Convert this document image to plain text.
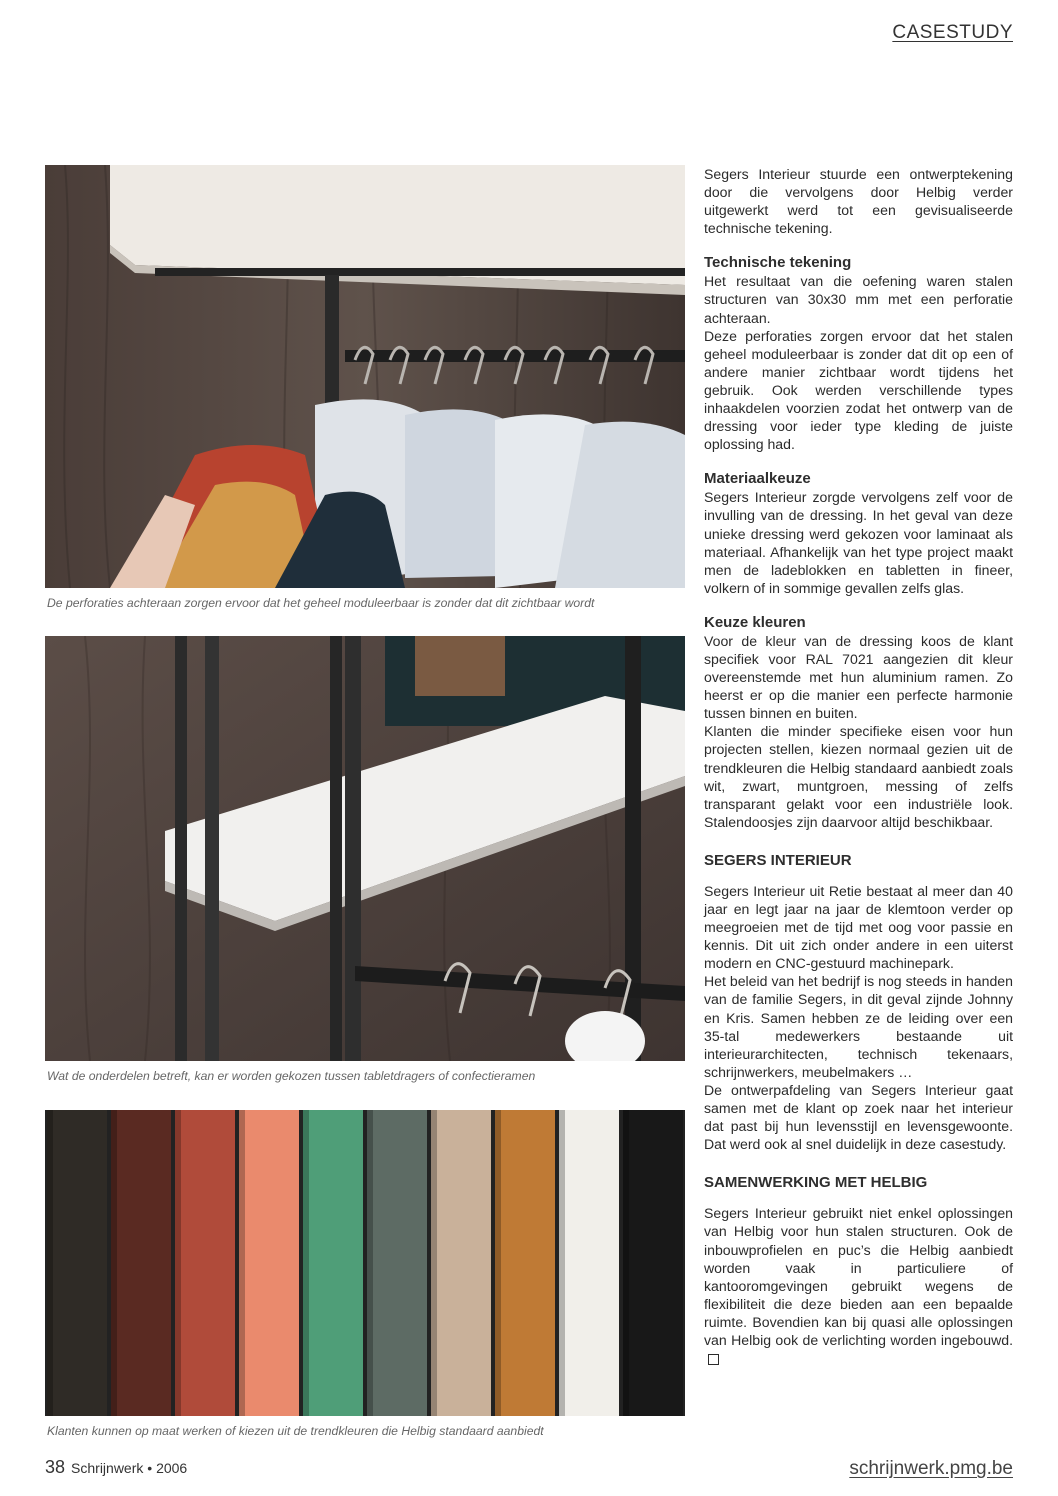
CASESTUDY
De perforaties achteraan zorgen ervoor dat het geheel moduleerbaar is zonder dat dit zichtbaar wordt
Wat de onderdelen betreft, kan er worden gekozen tussen tabletdragers of confectieramen
Klanten kunnen op maat werken of kiezen uit de trendkleuren die Helbig standaard aanbiedt

Segers Interieur stuurde een ontwerptekening door die vervolgens door Helbig verder uitgewerkt werd tot een gevisualiseerde technische tekening.

Technische tekening

Het resultaat van die oefening waren stalen structuren van 30x30 mm met een perforatie achteraan.

Deze perforaties zorgen ervoor dat het stalen geheel moduleerbaar is zonder dat dit op een of andere manier zichtbaar wordt tijdens het gebruik. Ook werden verschillende types inhaakdelen voorzien zodat het ontwerp van de dressing voor ieder type kleding de juiste oplossing had.

Materiaalkeuze

Segers Interieur zorgde vervolgens zelf voor de invulling van de dressing. In het geval van deze unieke dressing werd gekozen voor laminaat als materiaal. Afhankelijk van het type project maakt men de ladeblokken en tabletten in fineer, volkern of in sommige gevallen zelfs glas.

Keuze kleuren

Voor de kleur van de dressing koos de klant specifiek voor RAL 7021 aangezien dit kleur overeenstemde met hun aluminium ramen. Zo heerst er op die manier een perfecte harmonie tussen binnen en buiten.

Klanten die minder specifieke eisen voor hun projecten stellen, kiezen normaal gezien uit de trendkleuren die Helbig standaard aanbiedt zoals wit, zwart, muntgroen, messing of zelfs transparant gelakt voor een industriële look. Stalendoosjes zijn daarvoor altijd beschikbaar.

SEGERS INTERIEUR

Segers Interieur uit Retie bestaat al meer dan 40 jaar en legt jaar na jaar de klemtoon verder op meegroeien met de tijd met oog voor passie en kennis. Dit uit zich onder andere in een uiterst modern en CNC-gestuurd machinepark.

Het beleid van het bedrijf is nog steeds in handen van de familie Segers, in dit geval zijnde Johnny en Kris. Samen hebben ze de leiding over een 35-tal medewerkers bestaande uit interieurarchitecten, technisch tekenaars, schrijnwerkers, meubelmakers …

De ontwerpafdeling van Segers Interieur gaat samen met de klant op zoek naar het interieur dat past bij hun levensstijl en levensgewoonte. Dat werd ook al snel duidelijk in deze casestudy.

SAMENWERKING MET HELBIG

Segers Interieur gebruikt niet enkel oplossingen van Helbig voor hun stalen structuren. Ook de inbouwprofielen en puc’s die Helbig aanbiedt worden vaak in particuliere of kantooromgevingen gebruikt wegens de flexibiliteit die deze bieden aan een bepaalde ruimte. Bovendien kan bij quasi alle oplossingen van Helbig ook de verlichting worden ingebouwd.

38 Schrijnwerk • 2006	schrijnwerk.pmg.be
